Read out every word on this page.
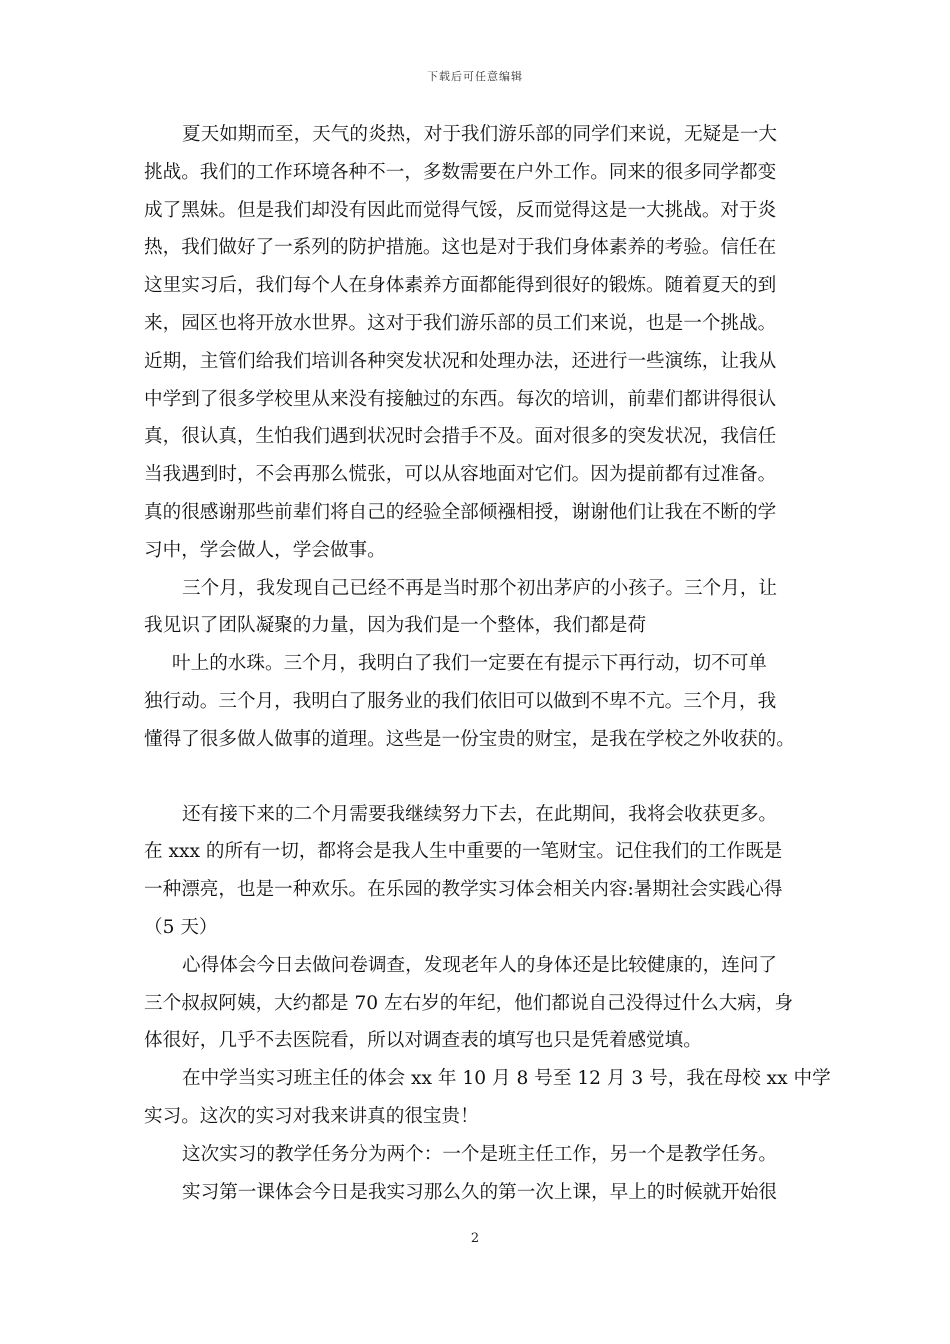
下载后可任意编辑
夏天如期而至，天气的炎热，对于我们游乐部的同学们来说，无疑是一大
挑战。我们的工作环境各种不一，多数需要在户外工作。同来的很多同学都变
成了黑妹。但是我们却没有因此而觉得气馁，反而觉得这是一大挑战。对于炎
热，我们做好了一系列的防护措施。这也是对于我们身体素养的考验。信任在
这里实习后，我们每个人在身体素养方面都能得到很好的锻炼。随着夏天的到
来，园区也将开放水世界。这对于我们游乐部的员工们来说，也是一个挑战。
近期，主管们给我们培训各种突发状况和处理办法，还进行一些演练，让我从
中学到了很多学校里从来没有接触过的东西。每次的培训，前辈们都讲得很认
真，很认真，生怕我们遇到状况时会措手不及。面对很多的突发状况，我信任
当我遇到时，不会再那么慌张，可以从容地面对它们。因为提前都有过准备。
真的很感谢那些前辈们将自己的经验全部倾襁相授，谢谢他们让我在不断的学
习中，学会做人，学会做事。
三个月，我发现自己已经不再是当时那个初出茅庐的小孩子。三个月，让
我见识了团队凝聚的力量，因为我们是一个整体，我们都是荷
叶上的水珠。三个月，我明白了我们一定要在有提示下再行动，切不可单
独行动。三个月，我明白了服务业的我们依旧可以做到不卑不亢。三个月，我
懂得了很多做人做事的道理。这些是一份宝贵的财宝，是我在学校之外收获的。
还有接下来的二个月需要我继续努力下去，在此期间，我将会收获更多。
在 xxx 的所有一切，都将会是我人生中重要的一笔财宝。记住我们的工作既是
一种漂亮，也是一种欢乐。在乐园的教学实习体会相关内容:暑期社会实践心得
（5 天）
心得体会今日去做问卷调查，发现老年人的身体还是比较健康的，连问了
三个叔叔阿姨，大约都是 70 左右岁的年纪，他们都说自己没得过什么大病，身
体很好，几乎不去医院看，所以对调查表的填写也只是凭着感觉填。
在中学当实习班主任的体会 xx 年 10 月 8 号至 12 月 3 号，我在母校 xx 中学
实习。这次的实习对我来讲真的很宝贵！
这次实习的教学任务分为两个：一个是班主任工作，另一个是教学任务。
实习第一课体会今日是我实习那么久的第一次上课，早上的时候就开始很
2
